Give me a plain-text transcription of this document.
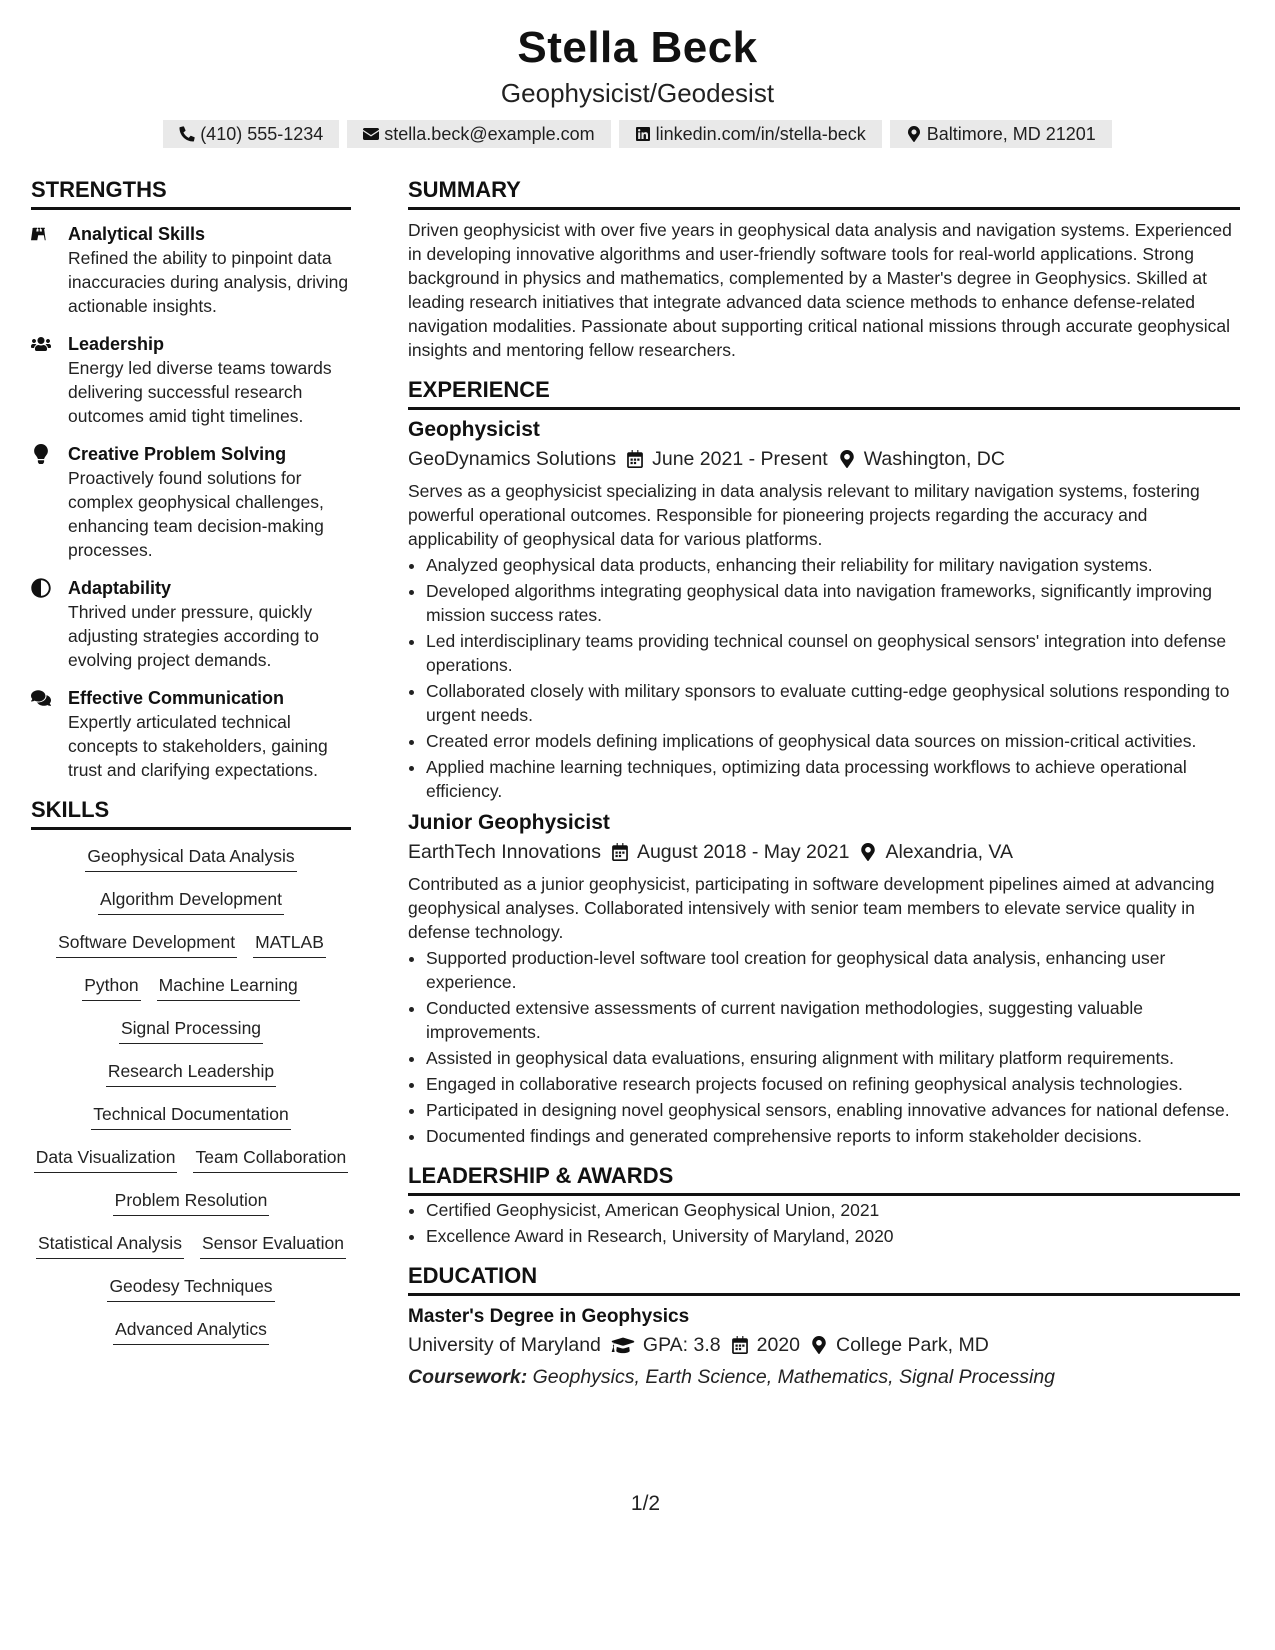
Stella Beck
Geophysicist/Geodesist
(410) 555-1234	stella.beck@example.com	linkedin.com/in/stella-beck	Baltimore, MD 21201
STRENGTHS
Analytical Skills
Refined the ability to pinpoint data inaccuracies during analysis, driving actionable insights.
Leadership
Energy led diverse teams towards delivering successful research outcomes amid tight timelines.
Creative Problem Solving
Proactively found solutions for complex geophysical challenges, enhancing team decision-making processes.
Adaptability
Thrived under pressure, quickly adjusting strategies according to evolving project demands.
Effective Communication
Expertly articulated technical concepts to stakeholders, gaining trust and clarifying expectations.
SKILLS
Geophysical Data Analysis
Algorithm Development
Software Development MATLAB
Python Machine Learning
Signal Processing
Research Leadership
Technical Documentation
Data Visualization Team Collaboration
Problem Resolution
Statistical Analysis Sensor Evaluation
Geodesy Techniques
Advanced Analytics
SUMMARY
Driven geophysicist with over five years in geophysical data analysis and navigation systems. Experienced in developing innovative algorithms and user-friendly software tools for real-world applications. Strong background in physics and mathematics, complemented by a Master's degree in Geophysics. Skilled at leading research initiatives that integrate advanced data science methods to enhance defense-related navigation modalities. Passionate about supporting critical national missions through accurate geophysical insights and mentoring fellow researchers.
EXPERIENCE
Geophysicist
GeoDynamics Solutions June 2021 - Present Washington, DC
Serves as a geophysicist specializing in data analysis relevant to military navigation systems, fostering powerful operational outcomes. Responsible for pioneering projects regarding the accuracy and applicability of geophysical data for various platforms.
• Analyzed geophysical data products, enhancing their reliability for military navigation systems.
• Developed algorithms integrating geophysical data into navigation frameworks, significantly improving mission success rates.
• Led interdisciplinary teams providing technical counsel on geophysical sensors' integration into defense operations.
• Collaborated closely with military sponsors to evaluate cutting-edge geophysical solutions responding to urgent needs.
• Created error models defining implications of geophysical data sources on mission-critical activities.
• Applied machine learning techniques, optimizing data processing workflows to achieve operational efficiency.
Junior Geophysicist
EarthTech Innovations August 2018 - May 2021 Alexandria, VA
Contributed as a junior geophysicist, participating in software development pipelines aimed at advancing geophysical analyses. Collaborated intensively with senior team members to elevate service quality in defense technology.
• Supported production-level software tool creation for geophysical data analysis, enhancing user experience.
• Conducted extensive assessments of current navigation methodologies, suggesting valuable improvements.
• Assisted in geophysical data evaluations, ensuring alignment with military platform requirements.
• Engaged in collaborative research projects focused on refining geophysical analysis technologies.
• Participated in designing novel geophysical sensors, enabling innovative advances for national defense.
• Documented findings and generated comprehensive reports to inform stakeholder decisions.
LEADERSHIP & AWARDS
• Certified Geophysicist, American Geophysical Union, 2021
• Excellence Award in Research, University of Maryland, 2020
EDUCATION
Master's Degree in Geophysics
University of Maryland GPA: 3.8 2020 College Park, MD
Coursework: Geophysics, Earth Science, Mathematics, Signal Processing
1/2
